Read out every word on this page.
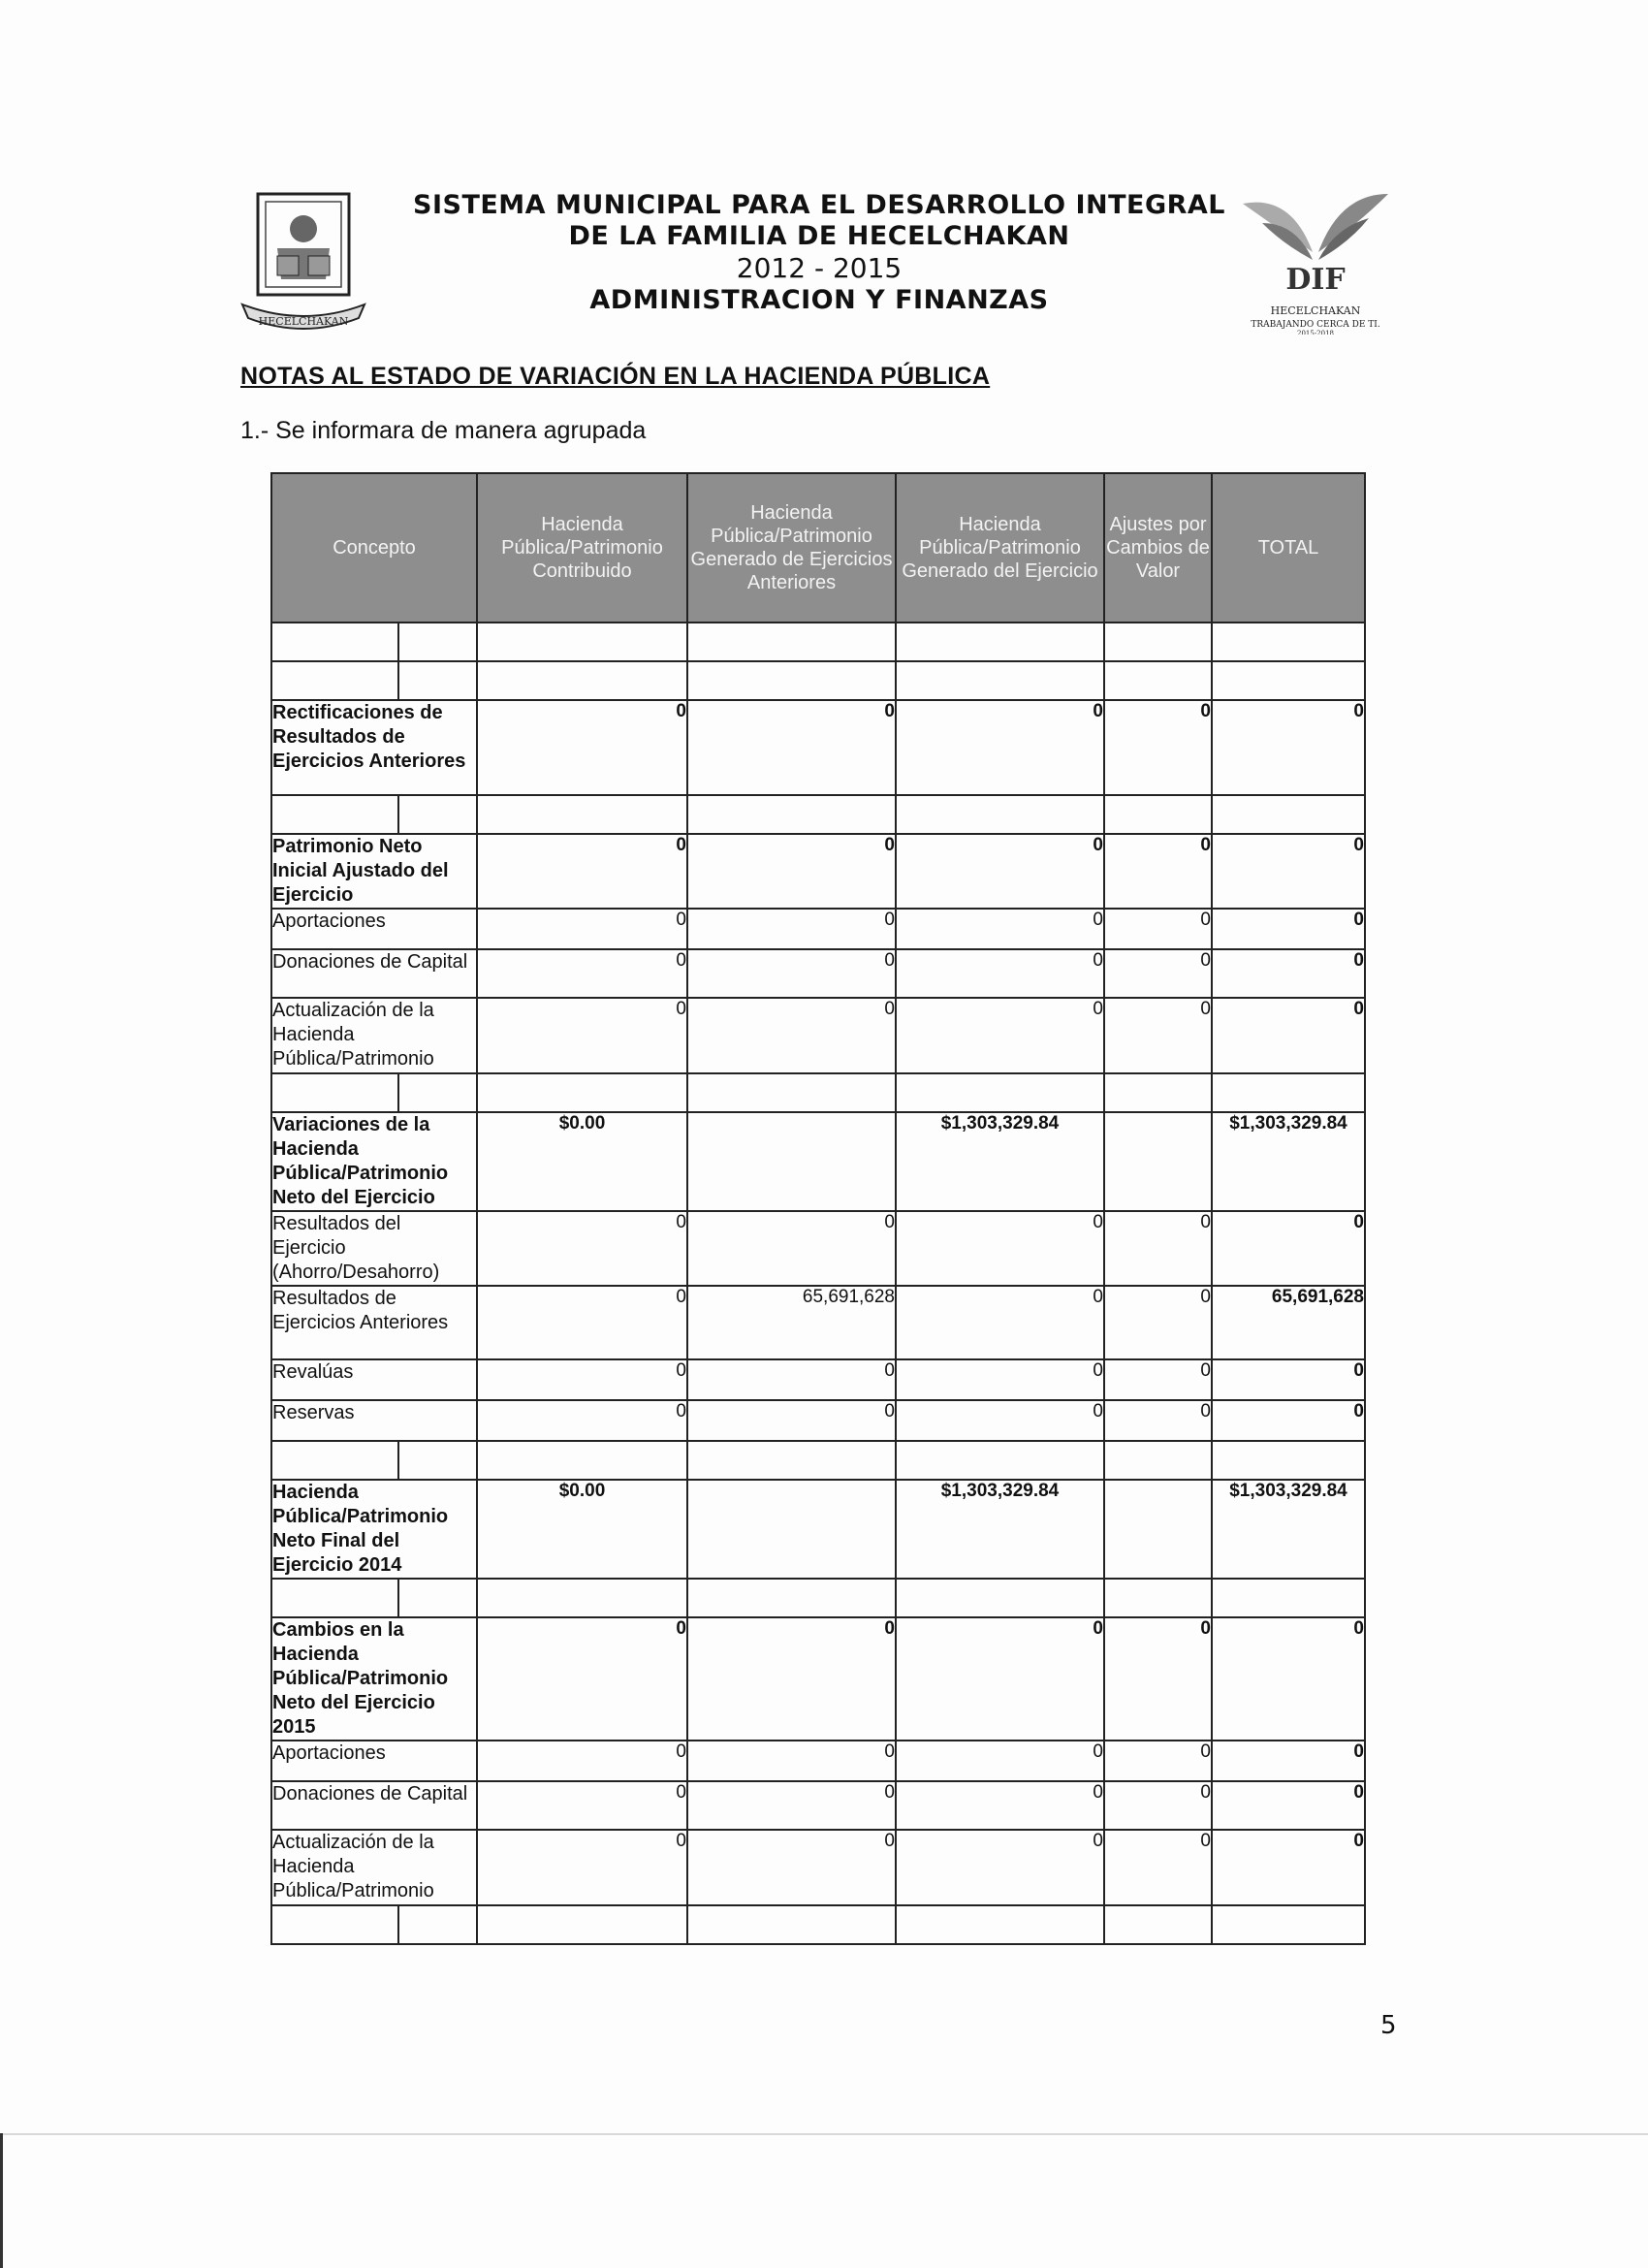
HECELCHAKAN
SISTEMA MUNICIPAL PARA EL DESARROLLO INTEGRAL
DE LA FAMILIA DE HECELCHAKAN
2012 - 2015
ADMINISTRACION Y FINANZAS
DIF
HECELCHAKAN
TRABAJANDO CERCA DE TI.
2015-2018
NOTAS AL ESTADO DE VARIACIÓN EN LA HACIENDA PÚBLICA
1.- Se informara de manera agrupada
Concepto		Hacienda Pública/Patrimonio Contribuido	Hacienda Pública/Patrimonio Generado de Ejercicios Anteriores	Hacienda Pública/Patrimonio Generado del Ejercicio	Ajustes por Cambios de Valor	TOTAL

Rectificaciones de Resultados de Ejercicios Anteriores		0	0	0	0	0

Patrimonio Neto Inicial Ajustado del Ejercicio		0	0	0	0	0
Aportaciones		0	0	0	0	0
Donaciones de Capital		0	0	0	0	0
Actualización de la Hacienda Pública/Patrimonio		0	0	0	0	0

Variaciones de la Hacienda Pública/Patrimonio Neto del Ejercicio		$0.00		$1,303,329.84		$1,303,329.84
Resultados del Ejercicio (Ahorro/Desahorro)		0	0	0	0	0
Resultados de Ejercicios Anteriores		0	65,691,628	0	0	65,691,628
Revalúas		0	0	0	0	0
Reservas		0	0	0	0	0

Hacienda Pública/Patrimonio Neto Final del Ejercicio 2014		$0.00		$1,303,329.84		$1,303,329.84

Cambios en la Hacienda Pública/Patrimonio Neto del Ejercicio 2015		0	0	0	0	0
Aportaciones		0	0	0	0	0
Donaciones de Capital		0	0	0	0	0
Actualización de la Hacienda Pública/Patrimonio		0	0	0	0	0

5
